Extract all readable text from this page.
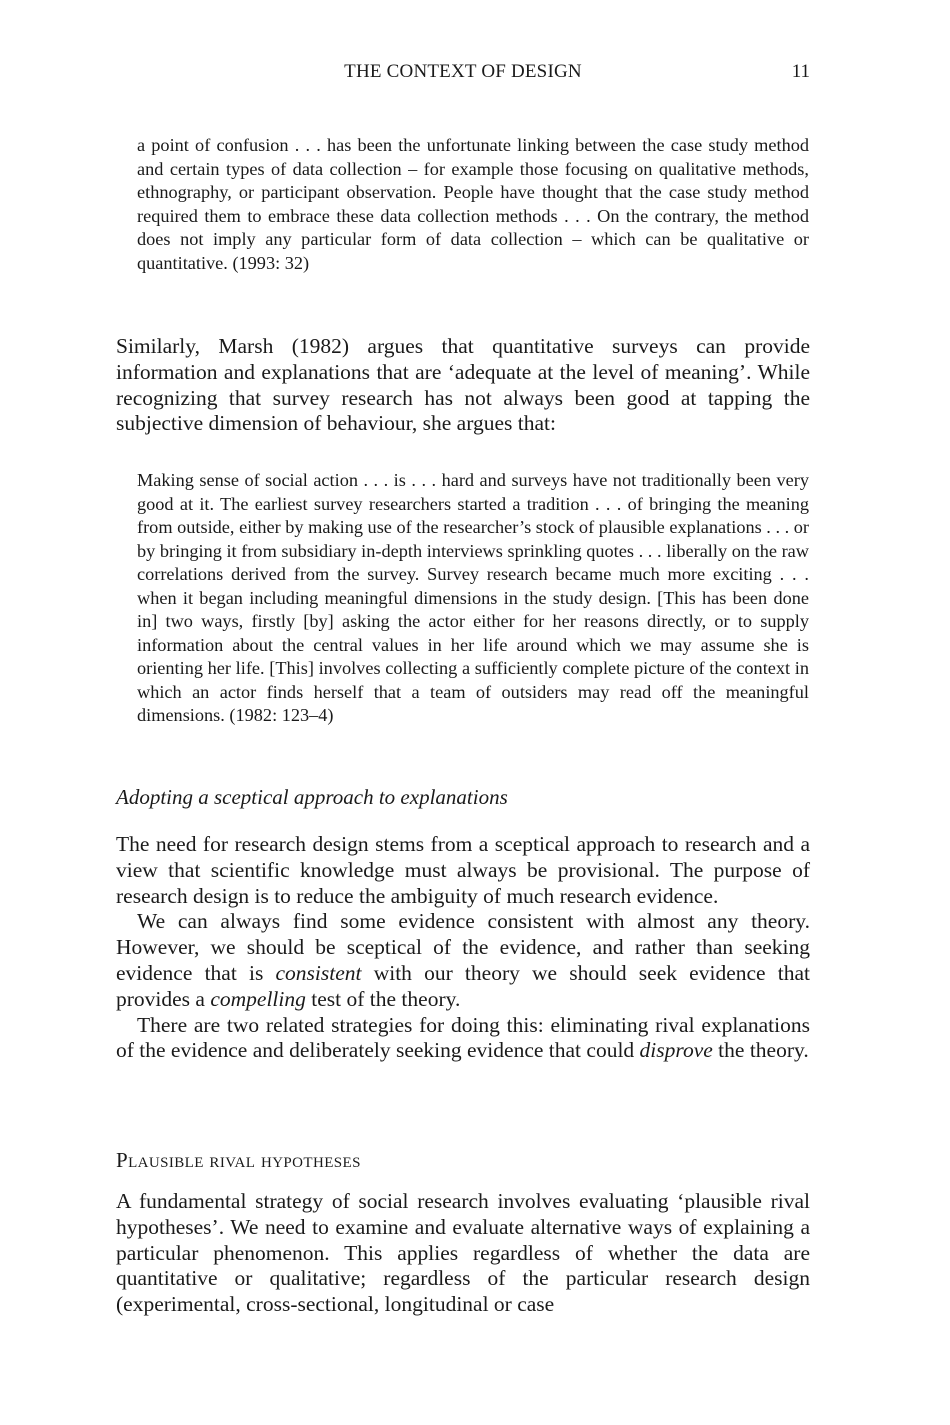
THE CONTEXT OF DESIGN	11

a point of confusion . . . has been the unfortunate linking between the case study method and certain types of data collection – for example those focusing on qualitative methods, ethnography, or participant observation. People have thought that the case study method required them to embrace these data collection methods . . . On the contrary, the method does not imply any particular form of data collection – which can be qualitative or quantitative. (1993: 32)

Similarly, Marsh (1982) argues that quantitative surveys can provide information and explanations that are ‘adequate at the level of meaning’. While recognizing that survey research has not always been good at tapping the subjective dimension of behaviour, she argues that:

Making sense of social action . . . is . . . hard and surveys have not traditionally been very good at it. The earliest survey researchers started a tradition . . . of bringing the meaning from outside, either by making use of the researcher’s stock of plausible explanations . . . or by bringing it from subsidiary in-depth interviews sprinkling quotes . . . liberally on the raw correlations derived from the survey. Survey research became much more exciting . . . when it began including meaningful dimensions in the study design. [This has been done in] two ways, firstly [by] asking the actor either for her reasons directly, or to supply information about the central values in her life around which we may assume she is orienting her life. [This] involves collecting a sufficiently complete picture of the context in which an actor finds herself that a team of outsiders may read off the meaningful dimensions. (1982: 123–4)

Adopting a sceptical approach to explanations

The need for research design stems from a sceptical approach to research and a view that scientific knowledge must always be provisional. The purpose of research design is to reduce the ambiguity of much research evidence.

We can always find some evidence consistent with almost any theory. However, we should be sceptical of the evidence, and rather than seeking evidence that is consistent with our theory we should seek evidence that provides a compelling test of the theory.

There are two related strategies for doing this: eliminating rival explanations of the evidence and deliberately seeking evidence that could disprove the theory.

Plausible rival hypotheses

A fundamental strategy of social research involves evaluating ‘plausible rival hypotheses’. We need to examine and evaluate alternative ways of explaining a particular phenomenon. This applies regardless of whether the data are quantitative or qualitative; regardless of the particular research design (experimental, cross-sectional, longitudinal or case
